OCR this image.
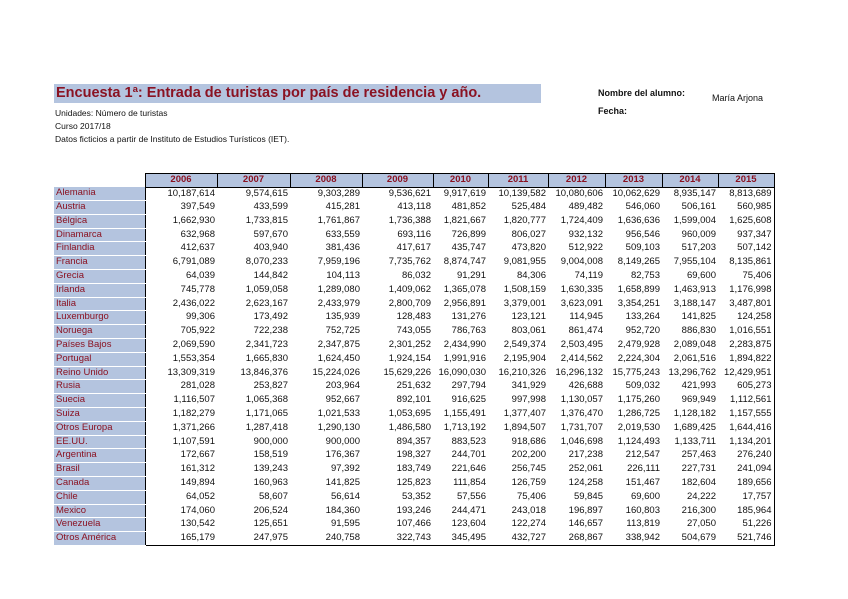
Encuesta 1ª: Entrada de turistas por país de residencia y año.
Unidades: Número de turistas
Curso 2017/18
Datos ficticios a partir de Instituto de Estudios Turísticos (IET).
Nombre del alumno:	María Arjona
Fecha:
	2006	2007	2008	2009	2010	2011	2012	2013	2014	2015
Alemania	10,187,614	9,574,615	9,303,289	9,536,621	9,917,619	10,139,582	10,080,606	10,062,629	8,935,147	8,813,689
Austria	397,549	433,599	415,281	413,118	481,852	525,484	489,482	546,060	506,161	560,985
Bélgica	1,662,930	1,733,815	1,761,867	1,736,388	1,821,667	1,820,777	1,724,409	1,636,636	1,599,004	1,625,608
Dinamarca	632,968	597,670	633,559	693,116	726,899	806,027	932,132	956,546	960,009	937,347
Finlandia	412,637	403,940	381,436	417,617	435,747	473,820	512,922	509,103	517,203	507,142
Francia	6,791,089	8,070,233	7,959,196	7,735,762	8,874,747	9,081,955	9,004,008	8,149,265	7,955,104	8,135,861
Grecia	64,039	144,842	104,113	86,032	91,291	84,306	74,119	82,753	69,600	75,406
Irlanda	745,778	1,059,058	1,289,080	1,409,062	1,365,078	1,508,159	1,630,335	1,658,899	1,463,913	1,176,998
Italia	2,436,022	2,623,167	2,433,979	2,800,709	2,956,891	3,379,001	3,623,091	3,354,251	3,188,147	3,487,801
Luxemburgo	99,306	173,492	135,939	128,483	131,276	123,121	114,945	133,264	141,825	124,258
Noruega	705,922	722,238	752,725	743,055	786,763	803,061	861,474	952,720	886,830	1,016,551
Países Bajos	2,069,590	2,341,723	2,347,875	2,301,252	2,434,990	2,549,374	2,503,495	2,479,928	2,089,048	2,283,875
Portugal	1,553,354	1,665,830	1,624,450	1,924,154	1,991,916	2,195,904	2,414,562	2,224,304	2,061,516	1,894,822
Reino Unido	13,309,319	13,846,376	15,224,026	15,629,226	16,090,030	16,210,326	16,296,132	15,775,243	13,296,762	12,429,951
Rusia	281,028	253,827	203,964	251,632	297,794	341,929	426,688	509,032	421,993	605,273
Suecia	1,116,507	1,065,368	952,667	892,101	916,625	997,998	1,130,057	1,175,260	969,949	1,112,561
Suiza	1,182,279	1,171,065	1,021,533	1,053,695	1,155,491	1,377,407	1,376,470	1,286,725	1,128,182	1,157,555
Otros Europa	1,371,266	1,287,418	1,290,130	1,486,580	1,713,192	1,894,507	1,731,707	2,019,530	1,689,425	1,644,416
EE.UU.	1,107,591	900,000	900,000	894,357	883,523	918,686	1,046,698	1,124,493	1,133,711	1,134,201
Argentina	172,667	158,519	176,367	198,327	244,701	202,200	217,238	212,547	257,463	276,240
Brasil	161,312	139,243	97,392	183,749	221,646	256,745	252,061	226,111	227,731	241,094
Canada	149,894	160,963	141,825	125,823	111,854	126,759	124,258	151,467	182,604	189,656
Chile	64,052	58,607	56,614	53,352	57,556	75,406	59,845	69,600	24,222	17,757
Mexico	174,060	206,524	184,360	193,246	244,471	243,018	196,897	160,803	216,300	185,964
Venezuela	130,542	125,651	91,595	107,466	123,604	122,274	146,657	113,819	27,050	51,226
Otros América	165,179	247,975	240,758	322,743	345,495	432,727	268,867	338,942	504,679	521,746
